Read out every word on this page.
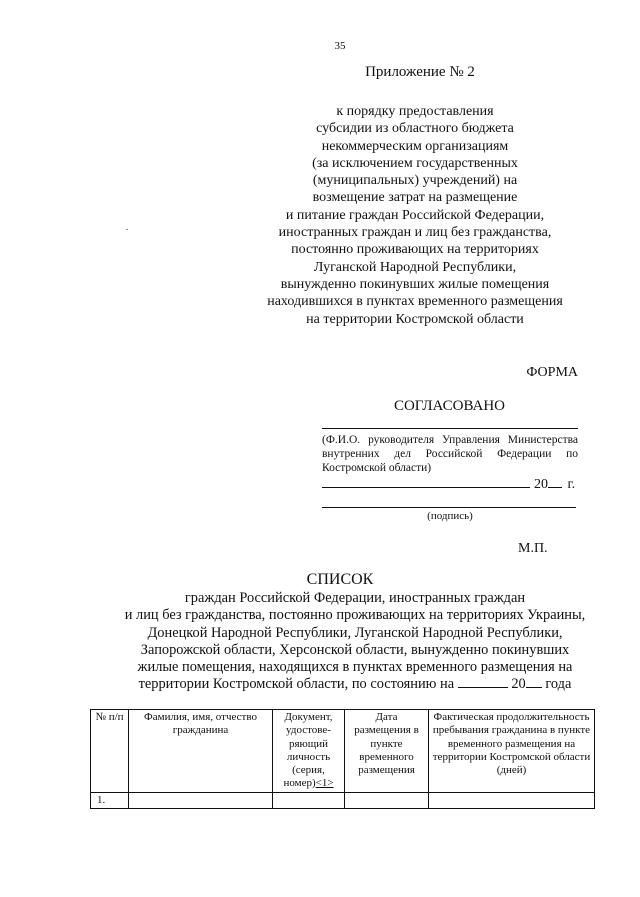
35
Приложение № 2
к порядку предоставления
субсидии из областного бюджета
некоммерческим организациям
(за исключением государственных
(муниципальных) учреждений) на
возмещение затрат на размещение
и питание граждан Российской Федерации,
иностранных граждан и лиц без гражданства,
постоянно проживающих на территориях
Луганской Народной Республики,
вынужденно покинувших жилые помещения
находившихся в пунктах временного размещения
на территории Костромской области
ФОРМА
СОГЛАСОВАНО
(Ф.И.О. руководителя Управления Министерства внутренних дел Российской Федерации по Костромской области)
20 г.
(подпись)
М.П.
СПИСОК
граждан Российской Федерации, иностранных граждан
и лиц без гражданства, постоянно проживающих на территориях Украины,
Донецкой Народной Республики, Луганской Народной Республики,
Запорожской области, Херсонской области, вынужденно покинувших
жилые помещения, находящихся в пунктах временного размещения на
территории Костромской области, по состоянию на	20 года
№ п/п	Фамилия, имя, отчество гражданина	Документ, удостове- ряющий личность (серия, номер)<1>	Дата размещения в пункте временного размещения	Фактическая продолжительность пребывания гражданина в пункте временного размещения на территории Костромской области (дней)
1.				
